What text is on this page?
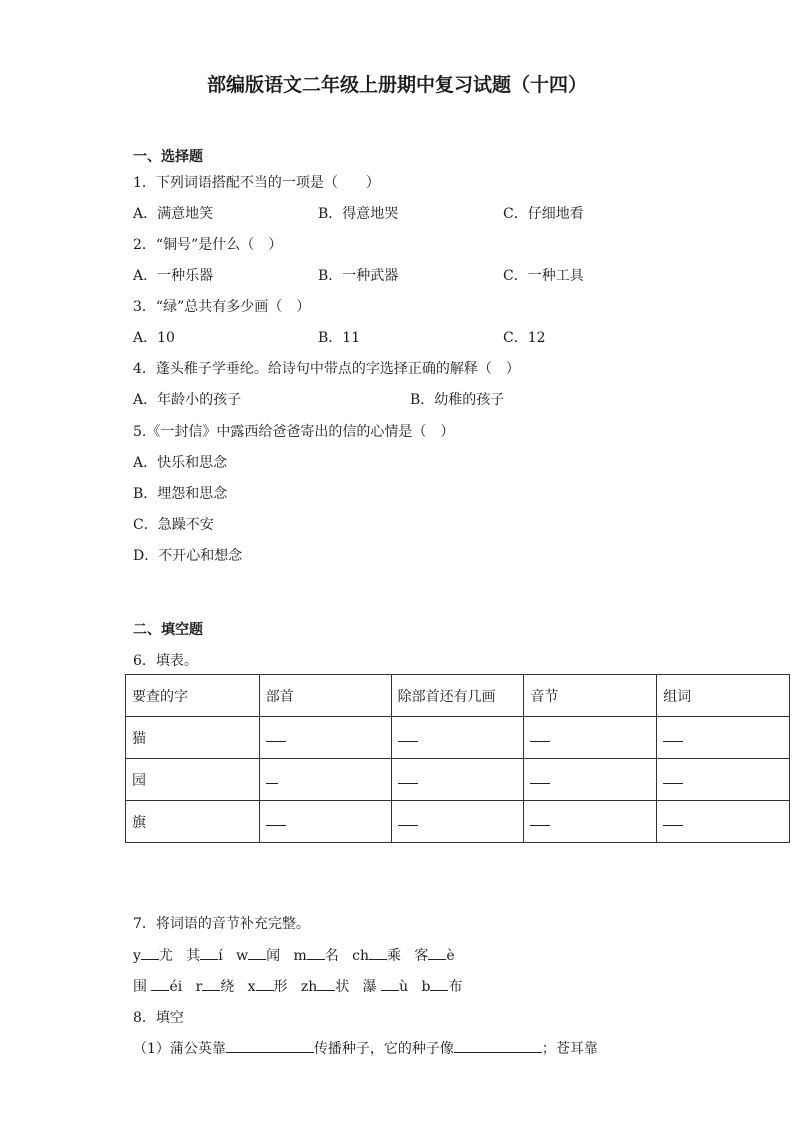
部编版语文二年级上册期中复习试题（十四）
一、选择题
1．下列词语搭配不当的一项是（　　）
A．满意地笑	B．得意地哭	C．仔细地看
2．“铜号”是什么（　）
A．一种乐器	B．一种武器	C．一种工具
3．“绿”总共有多少画（　）
A．10	B．11	C．12
4．蓬头稚子学垂纶。给诗句中带点的字选择正确的解释（　）
A．年龄小的孩子	B．幼稚的孩子
5.《一封信》中露西给爸爸寄出的信的心情是（　）
A．快乐和思念
B．埋怨和思念
C．急躁不安
D．不开心和想念
二、填空题
6．填表。
要查的字	部首	除部首还有几画	音节	组词
猫				
园				
旗				
7．将词语的音节补充完整。
y 尤 其 í w 闻 m 名 ch 乘 客 è
围 éi r 绕 x 形 zh 状 瀑 ù b 布
8．填空
（1）蒲公英靠	传播种子，它的种子像	；苍耳靠
